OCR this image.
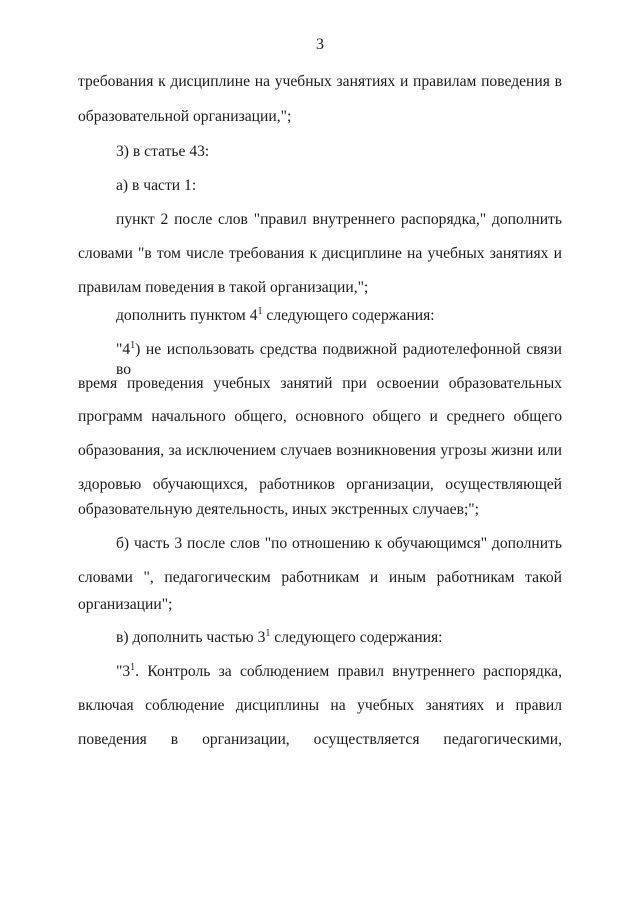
3
требования к дисциплине на учебных занятиях и правилам поведения в
образовательной организации,";
3) в статье 43:
а) в части 1:
пункт 2 после слов "правил внутреннего распорядка," дополнить
словами "в том числе требования к дисциплине на учебных занятиях и
правилам поведения в такой организации,";
дополнить пунктом $4^1$ следующего содержания:
"$4^1$) не использовать средства подвижной радиотелефонной связи во
время проведения учебных занятий при освоении образовательных
программ начального общего, основного общего и среднего общего
образования, за исключением случаев возникновения угрозы жизни или
здоровью обучающихся, работников организации, осуществляющей
образовательную деятельность, иных экстренных случаев;";
б) часть 3 после слов "по отношению к обучающимся" дополнить
словами ", педагогическим работникам и иным работникам такой
организации";
в) дополнить частью $3^1$ следующего содержания:
"$3^1$. Контроль за соблюдением правил внутреннего распорядка,
включая соблюдение дисциплины на учебных занятиях и правил
поведения в организации, осуществляется педагогическими,
